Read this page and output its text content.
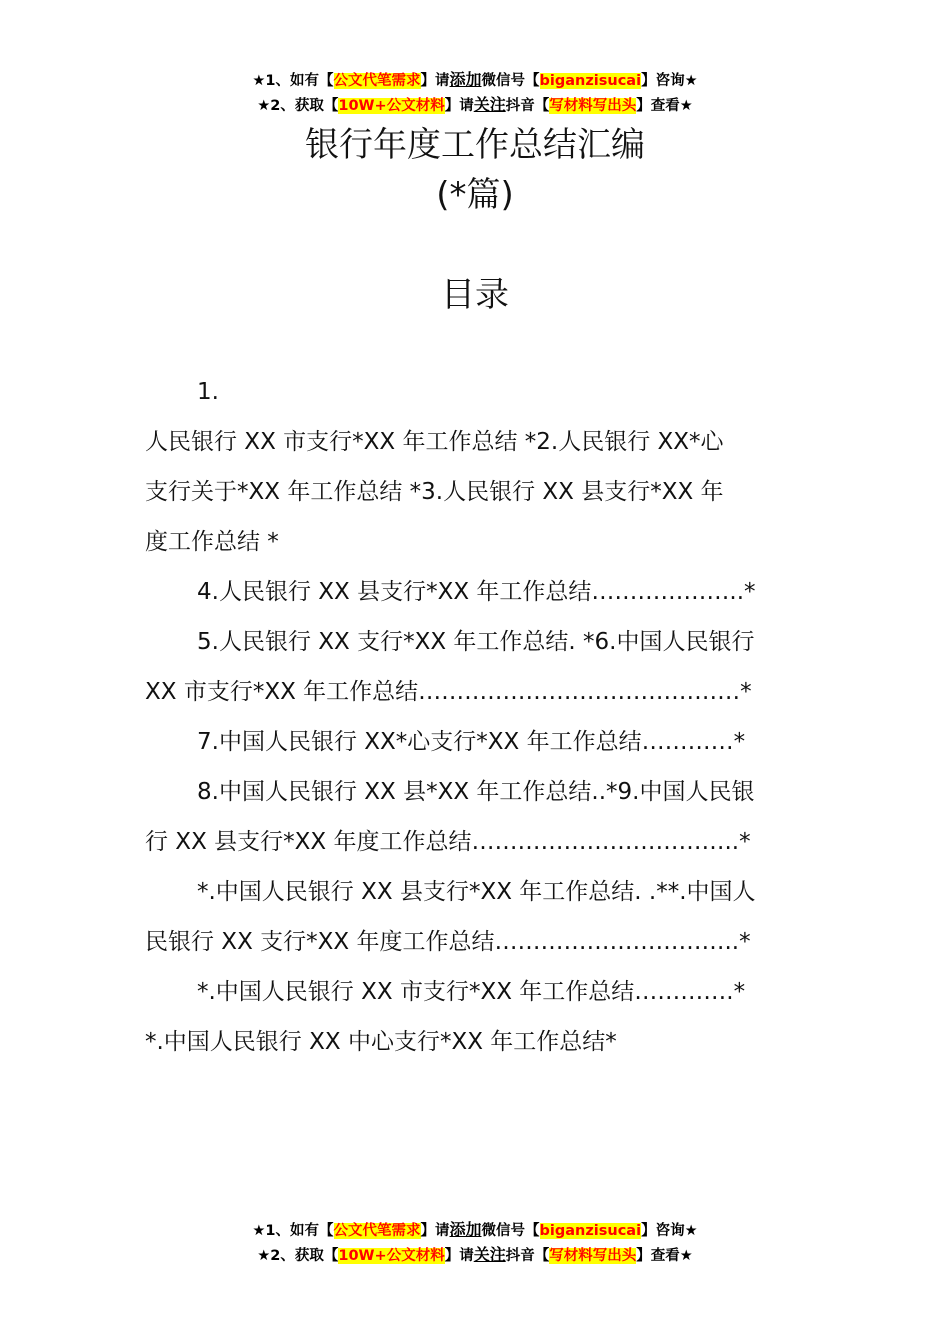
★1、如有【公文代笔需求】请添加微信号【biganzisucai】咨询★
★2、获取【10W+公文材料】请关注抖音【写材料写出头】查看★
银行年度工作总结汇编
(*篇)
目录
1.
人民银行 XX 市支行*XX 年工作总结 *2.人民银行 XX*心
支行关于*XX 年工作总结 *3.人民银行 XX 县支行*XX 年
度工作总结 *
4.人民银行 XX 县支行*XX 年工作总结………………..*
5.人民银行 XX 支行*XX 年工作总结. *6.中国人民银行
XX 市支行*XX 年工作总结……………………………………*
7.中国人民银行 XX*心支行*XX 年工作总结…………*
8.中国人民银行 XX 县*XX 年工作总结..*9.中国人民银
行 XX 县支行*XX 年度工作总结……………………………..*
*.中国人民银行 XX 县支行*XX 年工作总结. .**.中国人
民银行 XX 支行*XX 年度工作总结…………………………..*
*.中国人民银行 XX 市支行*XX 年工作总结………….*
*.中国人民银行 XX 中心支行*XX 年工作总结*
★1、如有【公文代笔需求】请添加微信号【biganzisucai】咨询★
★2、获取【10W+公文材料】请关注抖音【写材料写出头】查看★
